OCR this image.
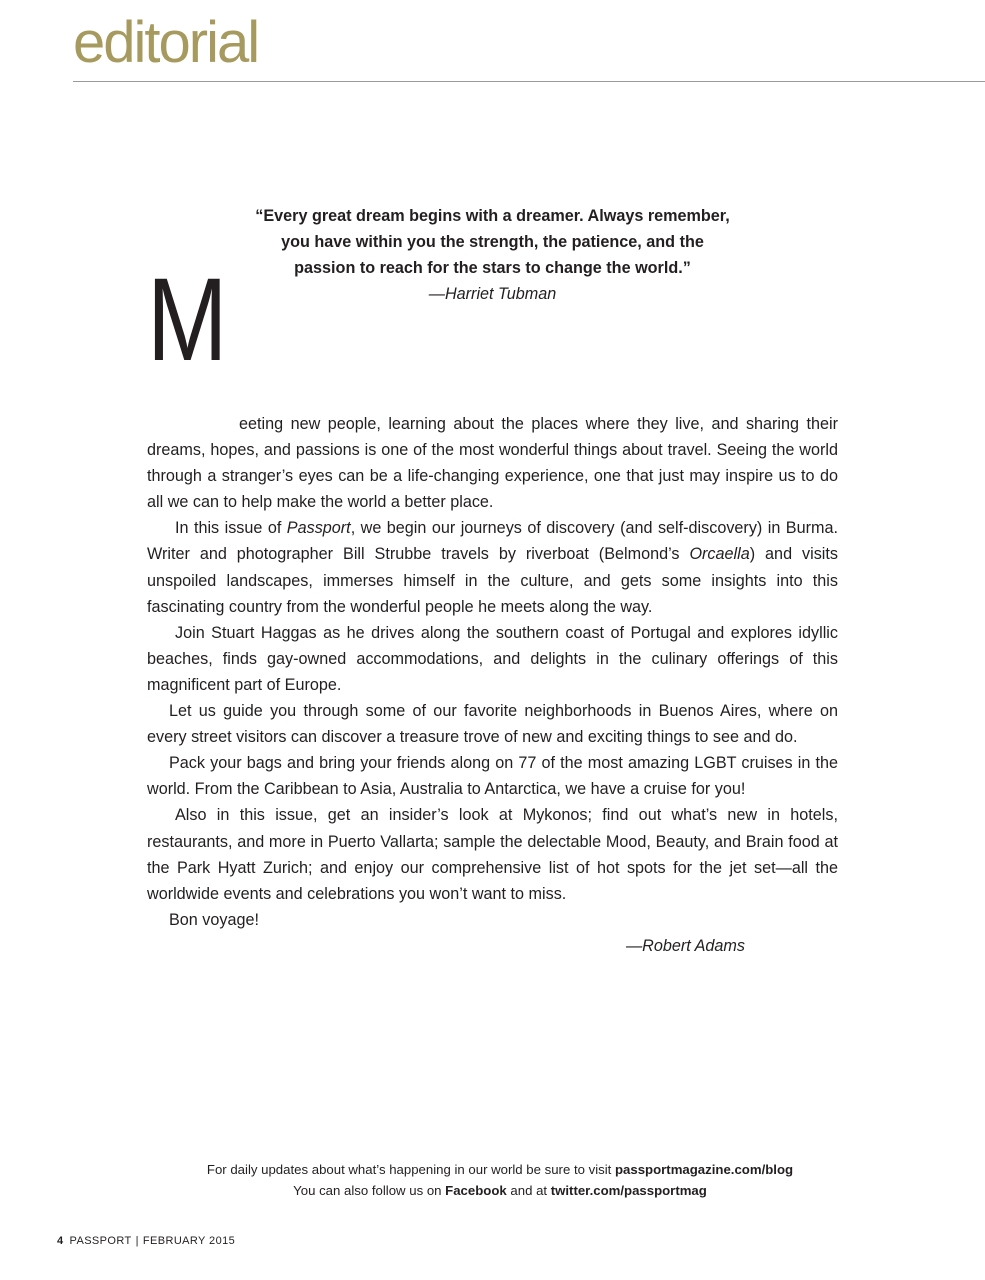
editorial

“Every great dream begins with a dreamer. Always remember,
you have within you the strength, the patience, and the
passion to reach for the stars to change the world.”

—Harriet Tubman

M
eeting new people, learning about the places where they live, and sharing their dreams, hopes, and passions is one of the most wonderful things about travel. Seeing the world through a stranger’s eyes can be a life-changing experience, one that just may inspire us to do all we can to help make the world a better place.

In this issue of Passport, we begin our journeys of discovery (and self-discovery) in Burma. Writer and photographer Bill Strubbe travels by riverboat (Belmond’s Orcaella) and visits unspoiled landscapes, immerses himself in the culture, and gets some insights into this fascinating country from the wonderful people he meets along the way.

Join Stuart Haggas as he drives along the southern coast of Portugal and explores idyllic beaches, finds gay-owned accommodations, and delights in the culinary offerings of this magnificent part of Europe.

Let us guide you through some of our favorite neighborhoods in Buenos Aires, where on every street visitors can discover a treasure trove of new and exciting things to see and do.

Pack your bags and bring your friends along on 77 of the most amazing LGBT cruises in the world. From the Caribbean to Asia, Australia to Antarctica, we have a cruise for you!

Also in this issue, get an insider’s look at Mykonos; find out what’s new in hotels, restaurants, and more in Puerto Vallarta; sample the delectable Mood, Beauty, and Brain food at the Park Hyatt Zurich; and enjoy our comprehensive list of hot spots for the jet set—all the worldwide events and celebrations you won’t want to miss.

Bon voyage!

—Robert Adams

For daily updates about what’s happening in our world be sure to visit passportmagazine.com/blog

You can also follow us on Facebook and at twitter.com/passportmag

4 PASSPORT | FEBRUARY 2015
